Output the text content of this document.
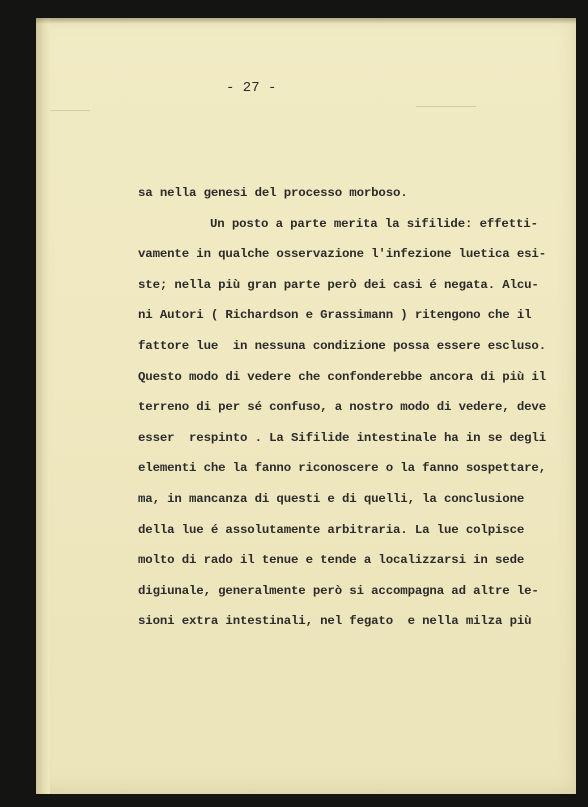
- 27 -
sa nella genesi del processo morboso.
Un posto a parte merita la sifilide: effetti-
vamente in qualche osservazione l'infezione luetica esi-
ste; nella più gran parte però dei casi é negata. Alcu-
ni Autori ( Richardson e Grassimann ) ritengono che il
fattore lue  in nessuna condizione possa essere escluso.
Questo modo di vedere che confonderebbe ancora di più il
terreno di per sé confuso, a nostro modo di vedere, deve
esser  respinto . La Sifilide intestinale ha in se degli
elementi che la fanno riconoscere o la fanno sospettare,
ma, in mancanza di questi e di quelli, la conclusione
della lue é assolutamente arbitraria. La lue colpisce
molto di rado il tenue e tende a localizzarsi in sede
digiunale, generalmente però si accompagna ad altre le-
sioni extra intestinali, nel fegato  e nella milza più
